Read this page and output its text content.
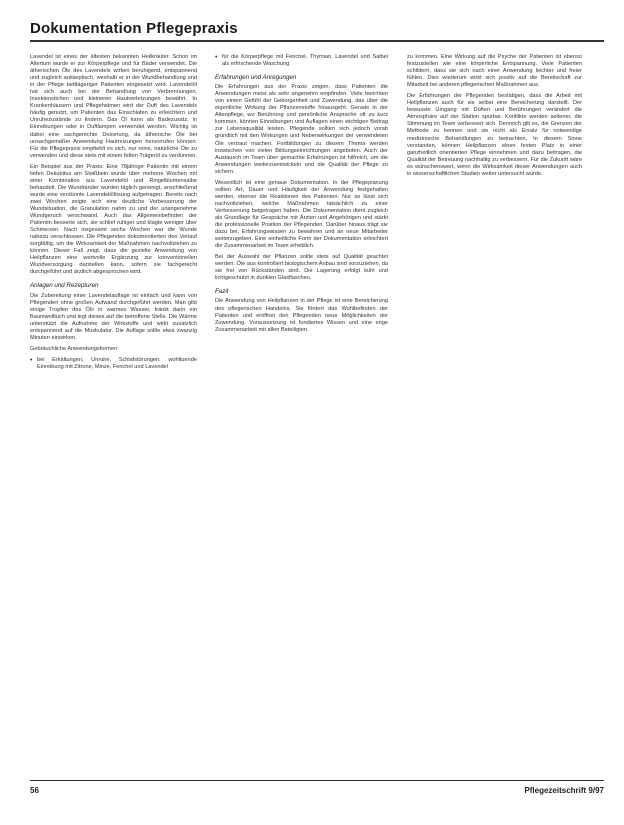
Dokumentation Pflegepraxis

Lavendel ist eines der ältesten bekannten Heilkräuter. Schon im Altertum wurde er zur Körperpflege und für Bäder verwendet. Die ätherischen Öle des Lavendels wirken beruhigend, entspannend und zugleich antiseptisch, weshalb er in der Wundbehandlung und in der Pflege bettlägeriger Patienten eingesetzt wird. Lavendelöl hat sich auch bei der Behandlung von Verbrennungen, Insektenstichen und kleineren Hautverletzungen bewährt. In Krankenhäusern und Pflegeheimen wird der Duft des Lavendels häufig genutzt, um Patienten das Einschlafen zu erleichtern und Unruhezustände zu lindern. Das Öl kann als Badezusatz, in Einreibungen oder in Duftlampen verwendet werden. Wichtig ist dabei eine sachgerechte Dosierung, da ätherische Öle bei unsachgemäßer Anwendung Hautreizungen hervorrufen können. Für die Pflegepraxis empfiehlt es sich, nur reine, natürliche Öle zu verwenden und diese stets mit einem fetten Trägeröl zu verdünnen.

Ein Beispiel aus der Praxis: Eine 78jährige Patientin mit einem tiefen Dekubitus am Steißbein wurde über mehrere Wochen mit einer Kombination aus Lavendelöl und Ringelblumensalbe behandelt. Die Wundränder wurden täglich gereinigt, anschließend wurde eine verdünnte Lavendelöllösung aufgetragen. Bereits nach zwei Wochen zeigte sich eine deutliche Verbesserung der Wundsituation, die Granulation nahm zu und der unangenehme Wundgeruch verschwand. Auch das Allgemeinbefinden der Patientin besserte sich, sie schlief ruhiger und klagte weniger über Schmerzen. Nach insgesamt sechs Wochen war die Wunde nahezu verschlossen. Die Pflegenden dokumentierten den Verlauf sorgfältig, um die Wirksamkeit der Maßnahmen nachvollziehen zu können. Dieser Fall zeigt, dass die gezielte Anwendung von Heilpflanzen eine wertvolle Ergänzung zur konventionellen Wundversorgung darstellen kann, sofern sie fachgerecht durchgeführt und ärztlich abgesprochen wird.

Anlagen und Rezepturen

Die Zubereitung einer Lavendelauflage ist einfach und kann von Pflegenden ohne großen Aufwand durchgeführt werden. Man gibt einige Tropfen des Öls in warmes Wasser, tränkt darin ein Baumwolltuch und legt dieses auf die betroffene Stelle. Die Wärme unterstützt die Aufnahme der Wirkstoffe und wirkt zusätzlich entspannend auf die Muskulatur. Die Auflage sollte etwa zwanzig Minuten einwirken.

Gebräuchliche Anwendungsformen:

• bei Erkältungen, Unruhe, Schlafstörungen: wohltuende Einreibung mit Zitrone, Minze, Fenchel und Lavendel
• für die Körperpflege mit Fenchel, Thymian, Lavendel und Salbei als erfrischende Waschung
Erfahrungen und Anregungen

Die Erfahrungen aus der Praxis zeigen, dass Patienten die Anwendungen meist als sehr angenehm empfinden. Viele berichten von einem Gefühl der Geborgenheit und Zuwendung, das über die eigentliche Wirkung der Pflanzenstoffe hinausgeht. Gerade in der Altenpflege, wo Berührung und persönliche Ansprache oft zu kurz kommen, können Einreibungen und Auflagen einen wichtigen Beitrag zur Lebensqualität leisten. Pflegende sollten sich jedoch vorab gründlich mit den Wirkungen und Nebenwirkungen der verwendeten Öle vertraut machen. Fortbildungen zu diesem Thema werden inzwischen von vielen Bildungseinrichtungen angeboten. Auch der Austausch im Team über gemachte Erfahrungen ist hilfreich, um die Anwendungen weiterzuentwickeln und die Qualität der Pflege zu sichern.

Wesentlich ist eine genaue Dokumentation. In der Pflegeplanung sollten Art, Dauer und Häufigkeit der Anwendung festgehalten werden, ebenso die Reaktionen des Patienten. Nur so lässt sich nachvollziehen, welche Maßnahmen tatsächlich zu einer Verbesserung beigetragen haben. Die Dokumentation dient zugleich als Grundlage für Gespräche mit Ärzten und Angehörigen und stärkt die professionelle Position der Pflegenden. Darüber hinaus trägt sie dazu bei, Erfahrungswissen zu bewahren und an neue Mitarbeiter weiterzugeben. Eine einheitliche Form der Dokumentation erleichtert die Zusammenarbeit im Team erheblich.

Bei der Auswahl der Pflanzen sollte stets auf Qualität geachtet werden. Öle aus kontrolliert biologischem Anbau sind vorzuziehen, da sie frei von Rückständen sind. Die Lagerung erfolgt kühl und lichtgeschützt in dunklen Glasflaschen.

Fazit

Die Anwendung von Heilpflanzen in der Pflege ist eine Bereicherung des pflegerischen Handelns. Sie fördert das Wohlbefinden der Patienten und eröffnet den Pflegenden neue Möglichkeiten der Zuwendung. Voraussetzung ist fundiertes Wissen und eine enge Zusammenarbeit mit allen Beteiligten.

zu kommen. Eine Wirkung auf die Psyche der Patienten ist ebenso festzustellen wie eine körperliche Entspannung. Viele Patienten schildern, dass sie sich nach einer Anwendung leichter und freier fühlen. Dies wiederum wirkt sich positiv auf die Bereitschaft zur Mitarbeit bei anderen pflegerischen Maßnahmen aus.

Die Erfahrungen der Pflegenden bestätigen, dass die Arbeit mit Heilpflanzen auch für sie selbst eine Bereicherung darstellt. Der bewusste Umgang mit Düften und Berührungen verändert die Atmosphäre auf der Station spürbar. Konflikte werden seltener, die Stimmung im Team verbessert sich. Dennoch gilt es, die Grenzen der Methode zu kennen und sie nicht als Ersatz für notwendige medizinische Behandlungen zu betrachten. In diesem Sinne verstanden, können Heilpflanzen einen festen Platz in einer ganzheitlich orientierten Pflege einnehmen und dazu beitragen, die Qualität der Betreuung nachhaltig zu verbessern. Für die Zukunft wäre es wünschenswert, wenn die Wirksamkeit dieser Anwendungen auch in wissenschaftlichen Studien weiter untersucht würde.

56	Pflegezeitschrift 9/97
